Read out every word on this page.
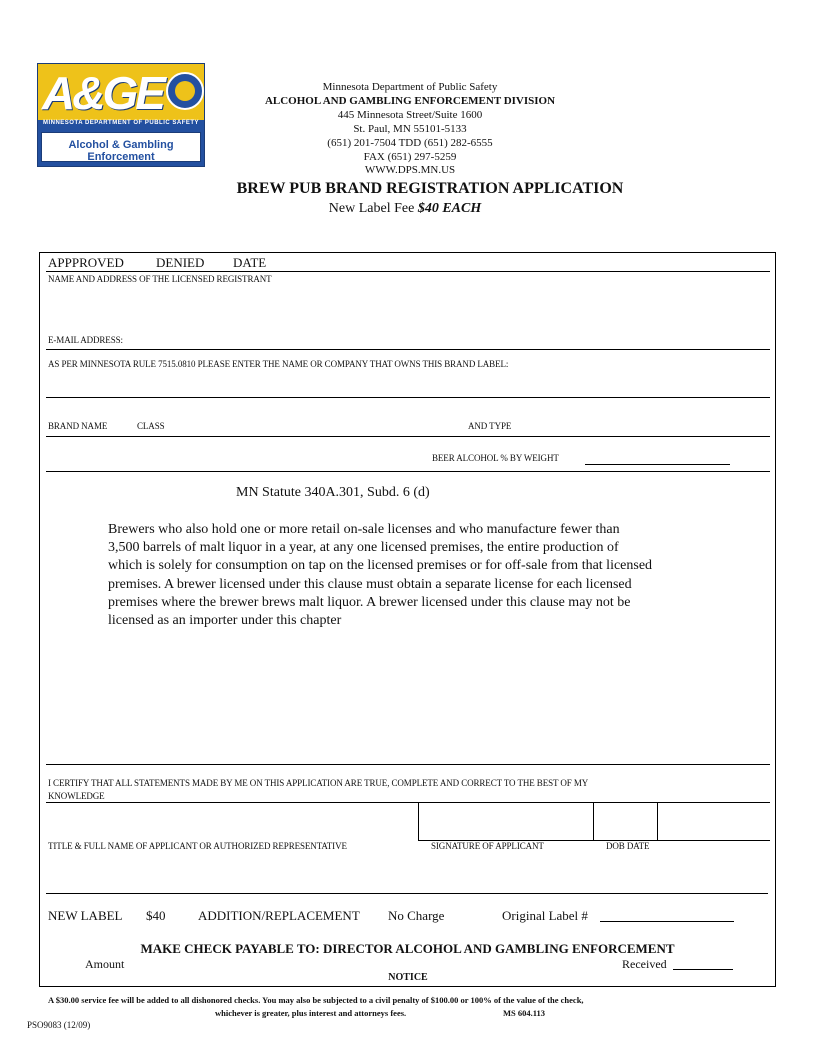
A&GE
MINNESOTA DEPARTMENT OF PUBLIC SAFETY
Alcohol & Gambling Enforcement
Minnesota Department of Public Safety
ALCOHOL AND GAMBLING ENFORCEMENT DIVISION
445 Minnesota Street/Suite 1600
St. Paul, MN 55101-5133
(651) 201-7504 TDD (651) 282-6555
FAX (651) 297-5259
WWW.DPS.MN.US
BREW PUB BRAND REGISTRATION APPLICATION
New Label Fee $40 EACH
APPPROVED DENIED DATE
NAME AND ADDRESS OF THE LICENSED REGISTRANT
E-MAIL ADDRESS:
AS PER MINNESOTA RULE 7515.0810 PLEASE ENTER THE NAME OR COMPANY THAT OWNS THIS BRAND LABEL:
BRAND NAME	CLASS	AND TYPE
BEER ALCOHOL % BY WEIGHT
MN Statute 340A.301, Subd. 6 (d)
Brewers who also hold one or more retail on-sale licenses and who manufacture fewer than
3,500 barrels of malt liquor in a year, at any one licensed premises, the entire production of
which is solely for consumption on tap on the licensed premises or for off-sale from that licensed
premises. A brewer licensed under this clause must obtain a separate license for each licensed
premises where the brewer brews malt liquor. A brewer licensed under this clause may not be
licensed as an importer under this chapter
I CERTIFY THAT ALL STATEMENTS MADE BY ME ON THIS APPLICATION ARE TRUE, COMPLETE AND CORRECT TO THE BEST OF MY
KNOWLEDGE
TITLE & FULL NAME OF APPLICANT OR AUTHORIZED REPRESENTATIVE	SIGNATURE OF APPLICANT	DOB DATE
NEW LABEL $40	ADDITION/REPLACEMENT No Charge	Original Label #
MAKE CHECK PAYABLE TO: DIRECTOR ALCOHOL AND GAMBLING ENFORCEMENT
Amount	Received
NOTICE
A $30.00 service fee will be added to all dishonored checks. You may also be subjected to a civil penalty of $100.00 or 100% of the value of the check,
whichever is greater, plus interest and attorneys fees.	MS 604.113
PSO9083 (12/09)
